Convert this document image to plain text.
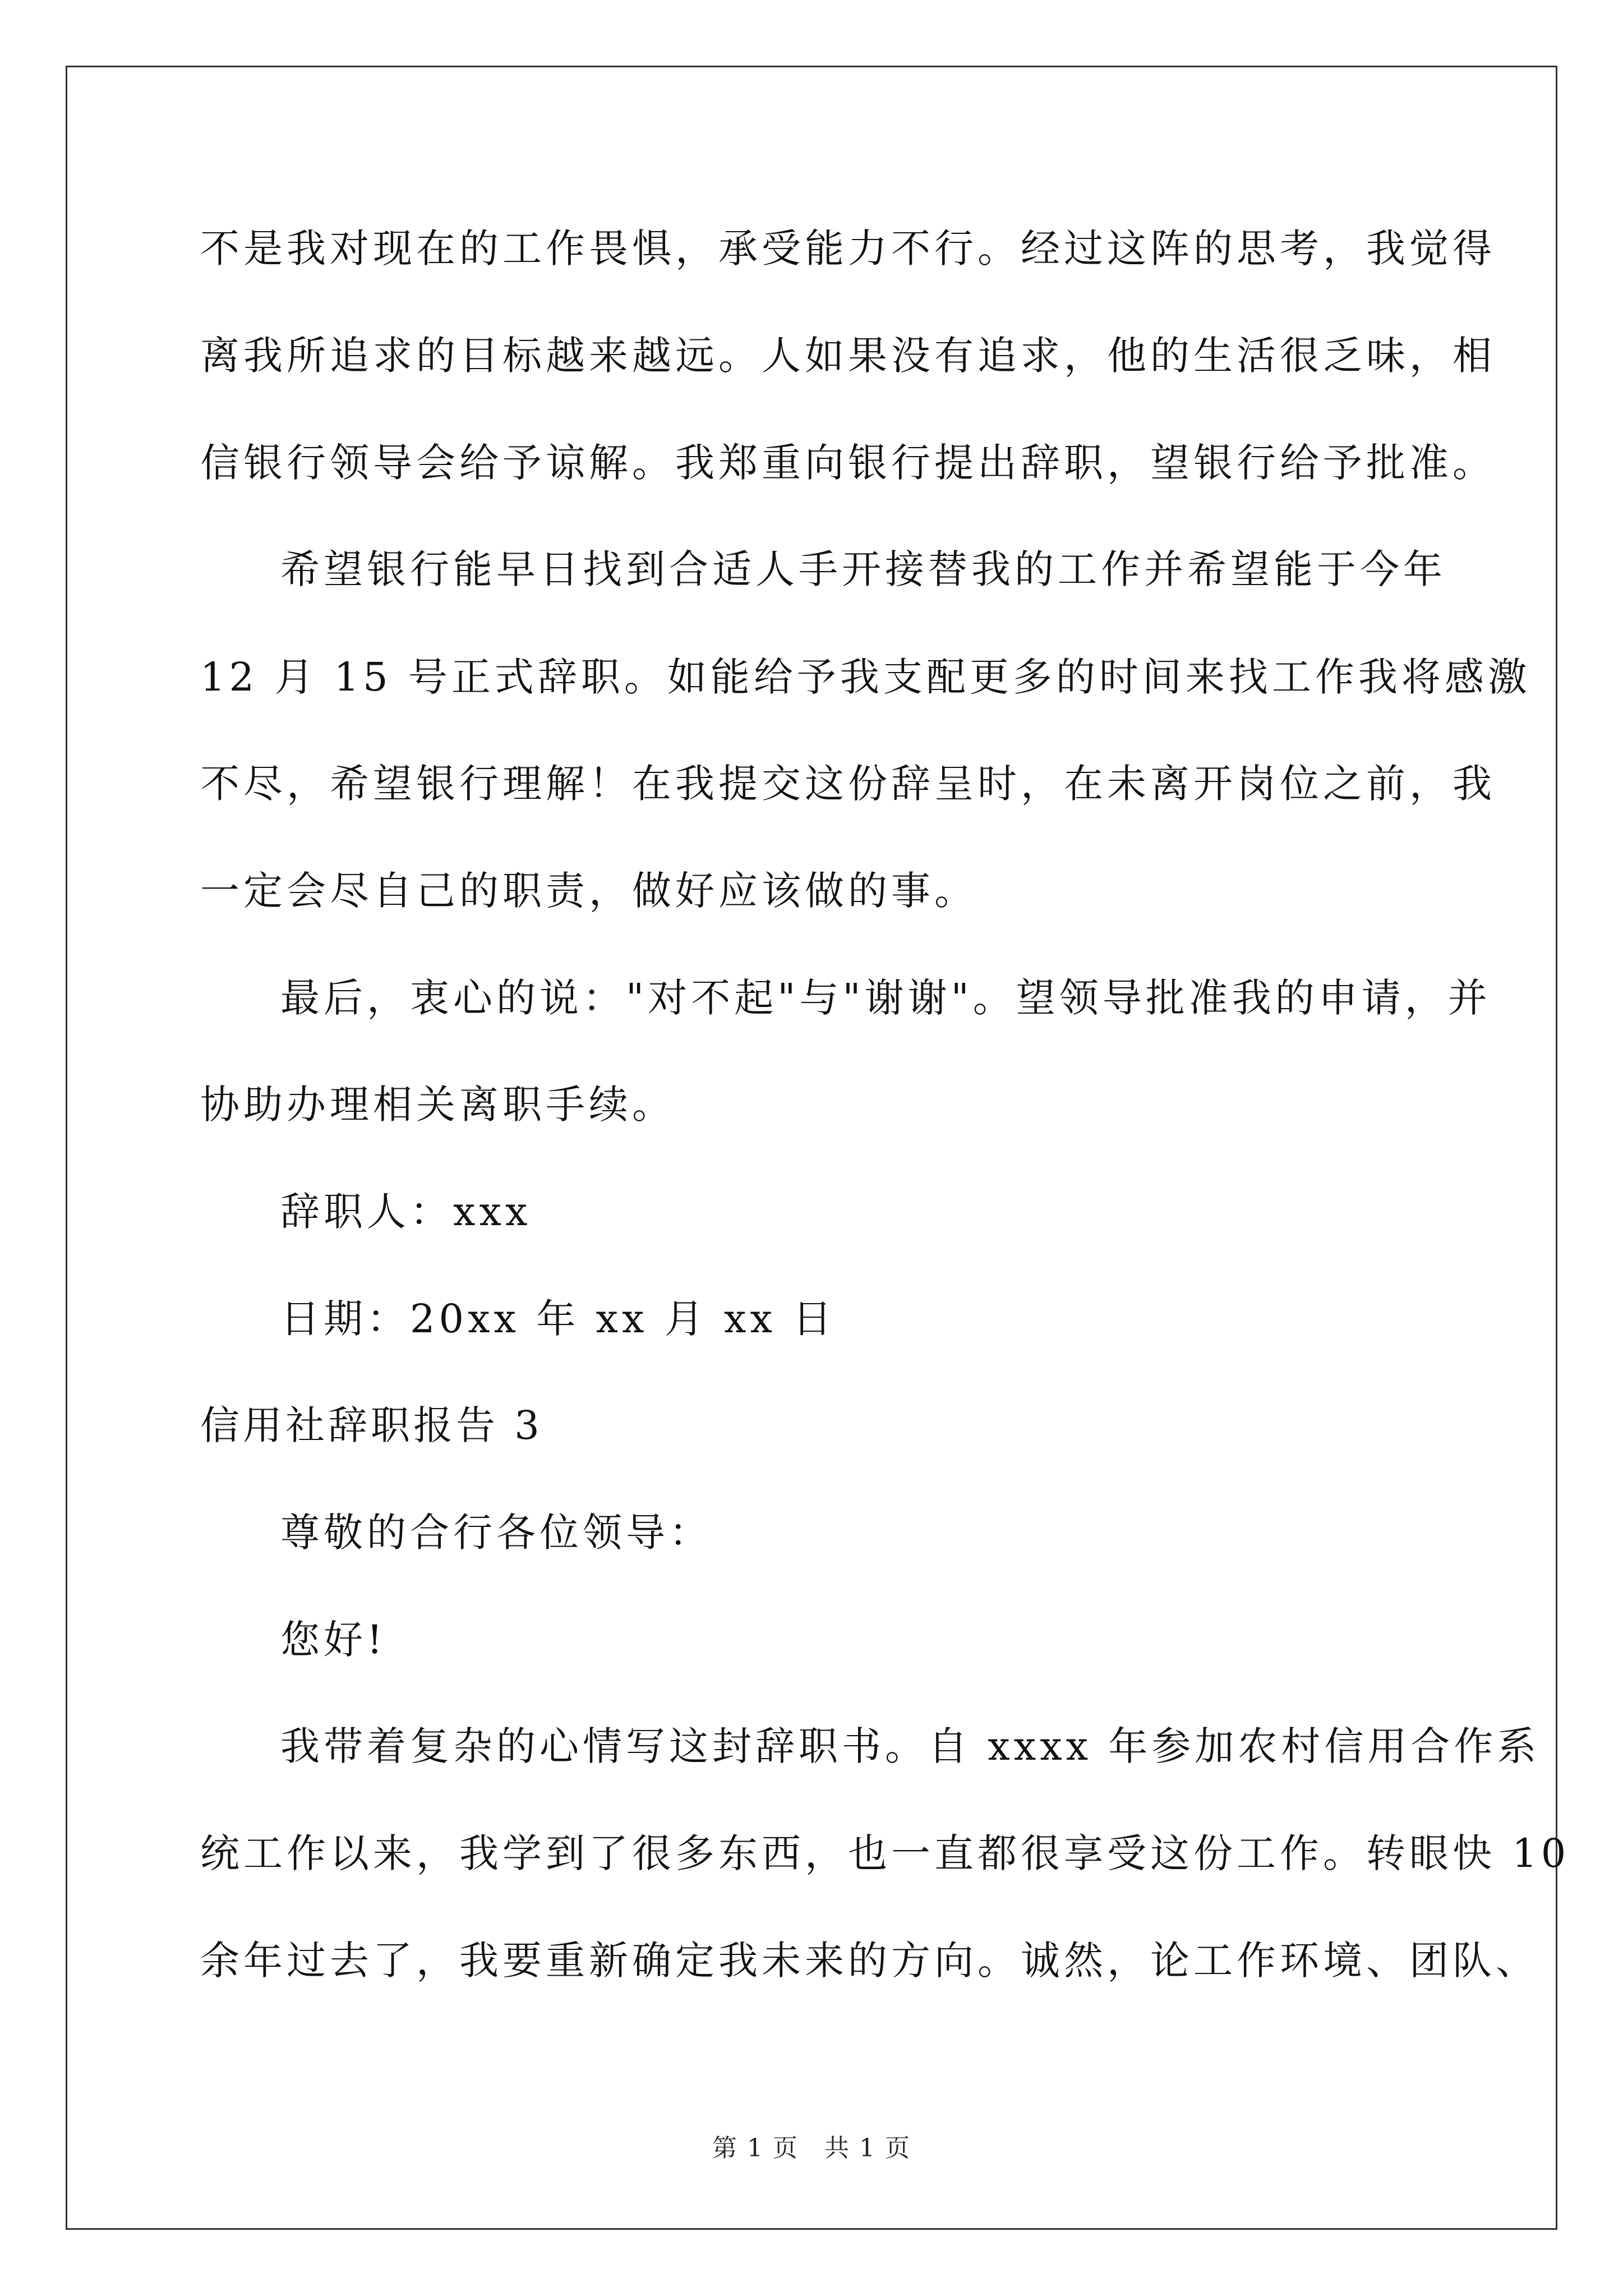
不是我对现在的工作畏惧，承受能力不行。经过这阵的思考，我觉得
离我所追求的目标越来越远。人如果没有追求，他的生活很乏味，相
信银行领导会给予谅解。我郑重向银行提出辞职，望银行给予批准。
希望银行能早日找到合适人手开接替我的工作并希望能于今年
12 月 15 号正式辞职。如能给予我支配更多的时间来找工作我将感激
不尽，希望银行理解！在我提交这份辞呈时，在未离开岗位之前，我
一定会尽自己的职责，做好应该做的事。
最后，衷心的说："对不起"与"谢谢"。望领导批准我的申请，并
协助办理相关离职手续。
辞职人：xxx
日期：20xx 年 xx 月 xx 日
信用社辞职报告 3
尊敬的合行各位领导：
您好!
我带着复杂的心情写这封辞职书。自 xxxx 年参加农村信用合作系
统工作以来，我学到了很多东西，也一直都很享受这份工作。转眼快 10
余年过去了，我要重新确定我未来的方向。诚然，论工作环境、团队、
第 1 页　共 1 页
